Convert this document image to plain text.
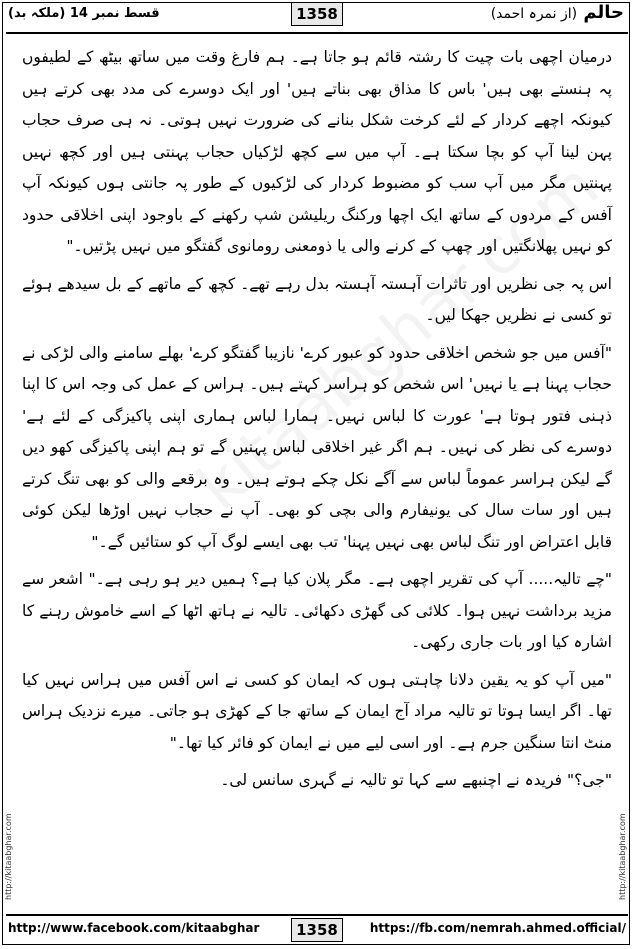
حالم (از نمرہ احمد)
1358
قسط نمبر 14 (ملکہ بد)
http://kitaabghar.com	http://kitaabghar.com

درمیان اچھی بات چیت کا رشتہ قائم ہو جاتا ہے۔ ہم فارغ وقت میں ساتھ بیٹھ کے لطیفوں پہ ہنستے بھی ہیں' باس کا مذاق بھی بناتے ہیں' اور ایک دوسرے کی مدد بھی کرتے ہیں کیونکہ اچھے کردار کے لئے کرخت شکل بنانے کی ضرورت نہیں ہوتی۔ نہ ہی صرف حجاب پہن لینا آپ کو بچا سکتا ہے۔ آپ میں سے کچھ لڑکیاں حجاب پہنتی ہیں اور کچھ نہیں پہنتیں مگر میں آپ سب کو مضبوط کردار کی لڑکیوں کے طور پہ جانتی ہوں کیونکہ آپ آفس کے مردوں کے ساتھ ایک اچھا ورکنگ ریلیشن شپ رکھنے کے باوجود اپنی اخلاقی حدود کو نہیں پھلانگتیں اور چھپ کے کرنے والی یا ذومعنی رومانوی گفتگو میں نہیں پڑتیں۔"

اس پہ جی نظریں اور تاثرات آہستہ آہستہ بدل رہے تھے۔ کچھ کے ماتھے کے بل سیدھے ہوئے تو کسی نے نظریں جھکا لیں۔

"آفس میں جو شخص اخلاقی حدود کو عبور کرے' نازیبا گفتگو کرے' بھلے سامنے والی لڑکی نے حجاب پہنا ہے یا نہیں' اس شخص کو ہراسر کہتے ہیں۔ ہراس کے عمل کی وجہ اس کا اپنا ذہنی فتور ہوتا ہے' عورت کا لباس نہیں۔ ہمارا لباس ہماری اپنی پاکیزگی کے لئے ہے' دوسرے کی نظر کی نہیں۔ ہم اگر غیر اخلاقی لباس پہنیں گے تو ہم اپنی پاکیزگی کھو دیں گے لیکن ہراسر عموماً لباس سے آگے نکل چکے ہوتے ہیں۔ وہ برقعے والی کو بھی تنگ کرتے ہیں اور سات سال کی یونیفارم والی بچی کو بھی۔ آپ نے حجاب نہیں اوڑھا لیکن کوئی قابل اعتراض اور تنگ لباس بھی نہیں پہنا' تب بھی ایسے لوگ آپ کو ستائیں گے۔"

"چے تالیہ..... آپ کی تقریر اچھی ہے۔ مگر پلان کیا ہے؟ ہمیں دیر ہو رہی ہے۔" اشعر سے مزید برداشت نہیں ہوا۔ کلائی کی گھڑی دکھائی۔ تالیہ نے ہاتھ اٹھا کے اسے خاموش رہنے کا اشارہ کیا اور بات جاری رکھی۔

"میں آپ کو یہ یقین دلانا چاہتی ہوں کہ ایمان کو کسی نے اس آفس میں ہراس نہیں کیا تھا۔ اگر ایسا ہوتا تو تالیہ مراد آج ایمان کے ساتھ جا کے کھڑی ہو جاتی۔ میرے نزدیک ہراس منٹ انتا سنگین جرم ہے۔ اور اسی لیے میں نے ایمان کو فائر کیا تھا۔"

"جی؟" فریدہ نے اچنبھے سے کہا تو تالیہ نے گہری سانس لی۔

http://www.facebook.com/kitaabghar	1358	https://fb.com/nemrah.ahmed.official/
